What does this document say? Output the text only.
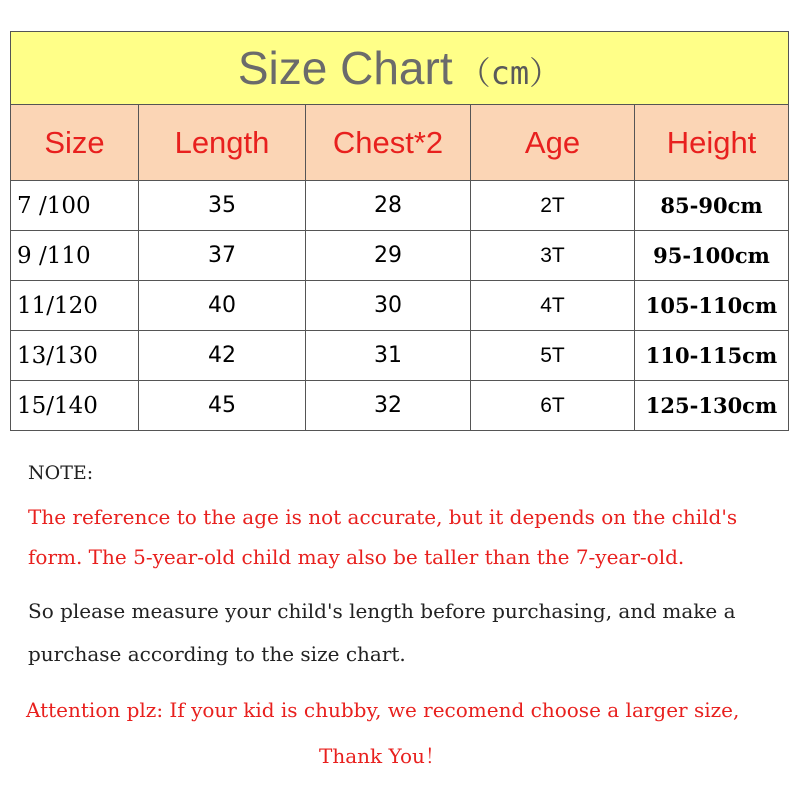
Size Chart （cm）				
Size	Length	Chest*2	Age	Height
7 /100	35	28	2T	85-90cm
9 /110	37	29	3T	95-100cm
11/120	40	30	4T	105-110cm
13/130	42	31	5T	110-115cm
15/140	45	32	6T	125-130cm
NOTE:
The reference to the age is not accurate, but it depends on the child's
form. The 5-year-old child may also be taller than the 7-year-old.
So please measure your child's length before purchasing, and make a
purchase according to the size chart.
Attention plz: If your kid is chubby, we recomend choose a larger size,
Thank You！
